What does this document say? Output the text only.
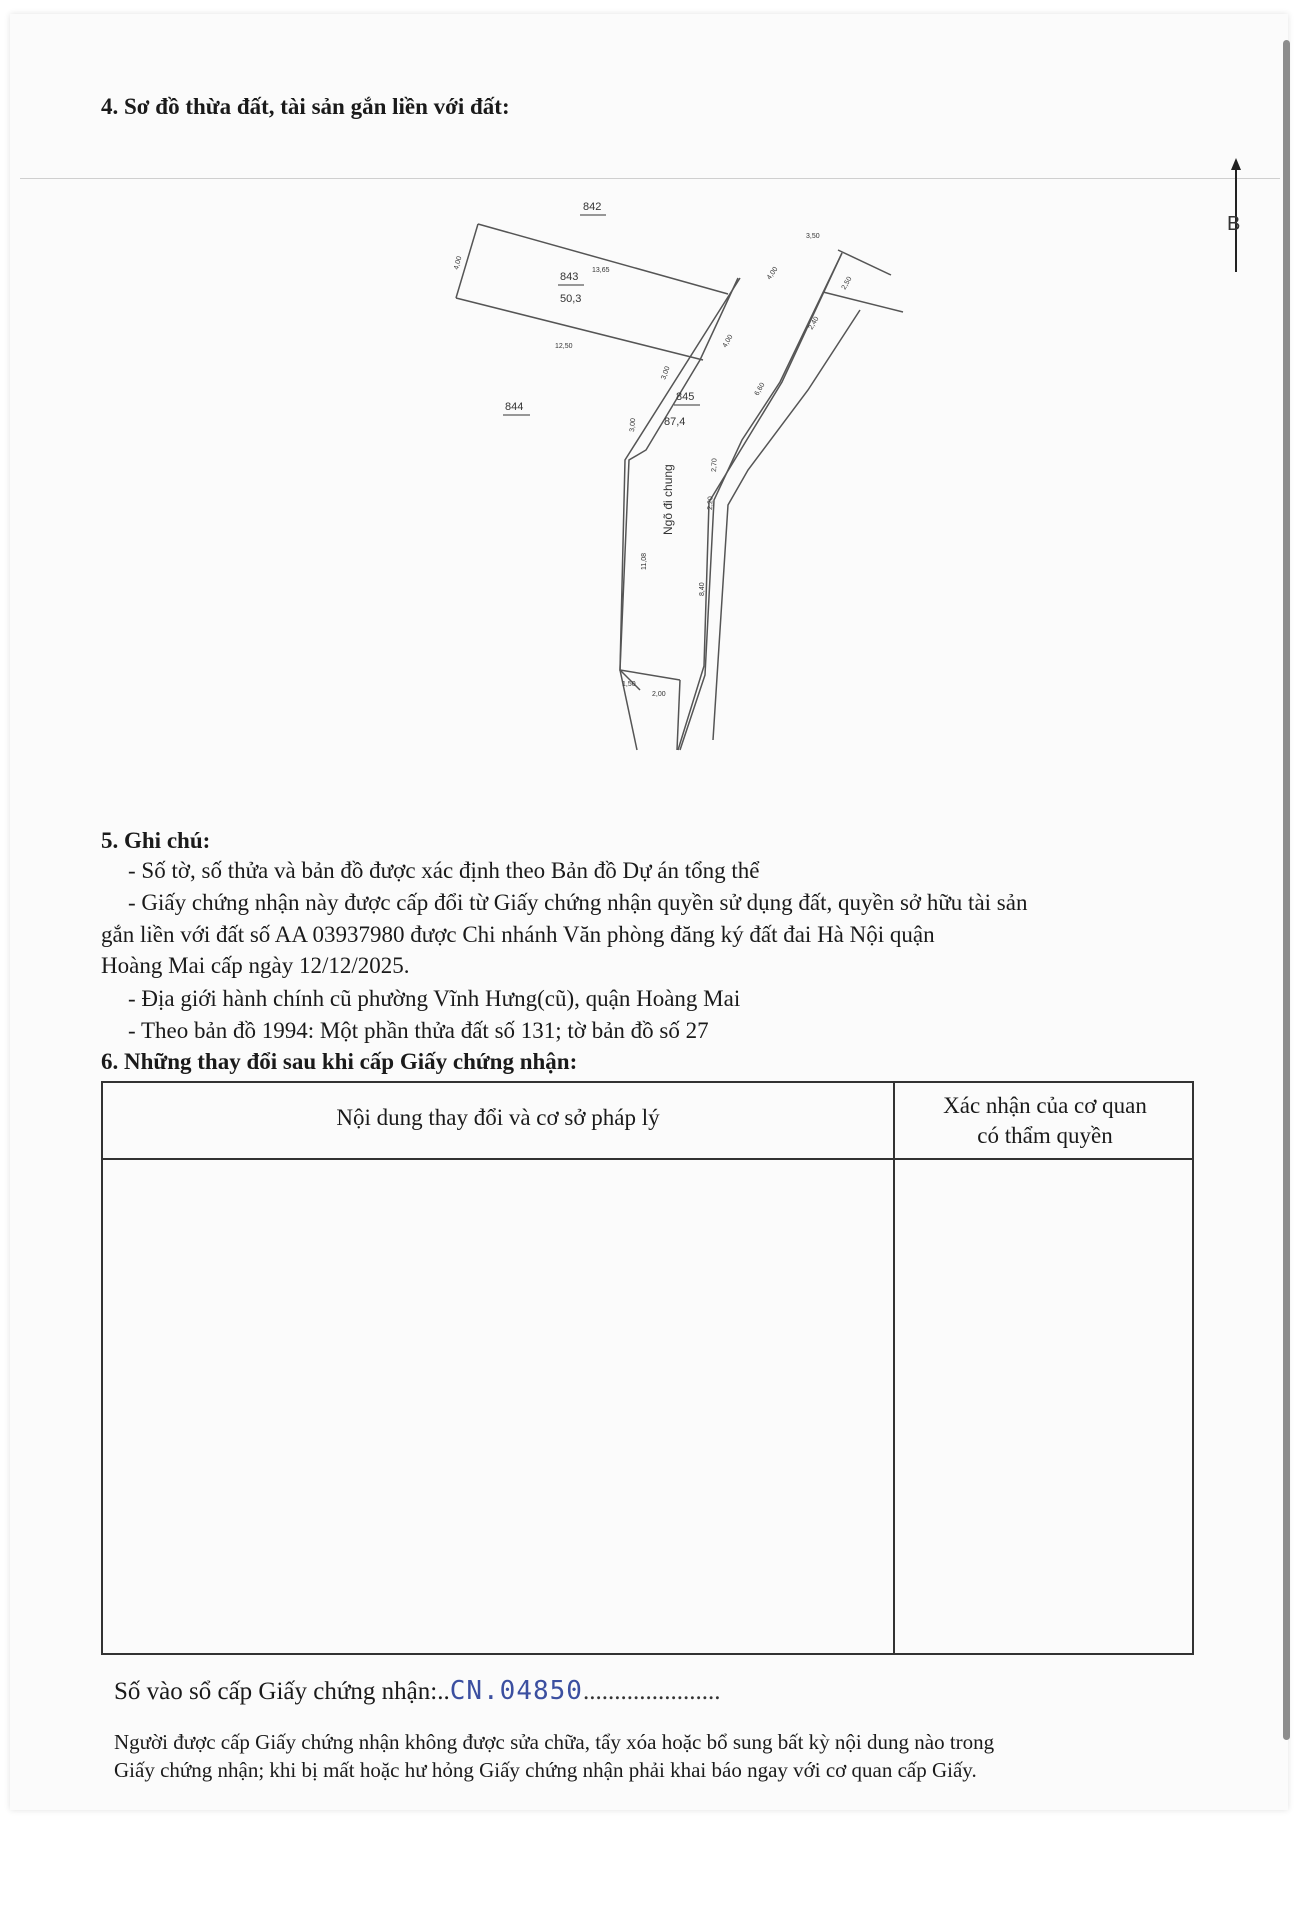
4. Sơ đồ thừa đất, tài sản gắn liền với đất:
842
843
50,3
844
845
87,4
Ngõ đi chung
4,00	13,65
12,50
3,50
4,00
2,50
2,40
4,00
3,00
3,00
6,60
2,70
2,20
11,08
8,40
1,50
2,00
B
5. Ghi chú:
- Số tờ, số thửa và bản đồ được xác định theo Bản đồ Dự án tổng thể
- Giấy chứng nhận này được cấp đổi từ Giấy chứng nhận quyền sử dụng đất, quyền sở hữu tài sản
gắn liền với đất số AA 03937980 được Chi nhánh Văn phòng đăng ký đất đai Hà Nội quận
Hoàng Mai cấp ngày 12/12/2025.
- Địa giới hành chính cũ phường Vĩnh Hưng(cũ), quận Hoàng Mai
- Theo bản đồ 1994: Một phần thửa đất số 131; tờ bản đồ số 27
6. Những thay đổi sau khi cấp Giấy chứng nhận:
Nội dung thay đổi và cơ sở pháp lý	Xác nhận của cơ quan
có thẩm quyền
Số vào sổ cấp Giấy chứng nhận:..CN.04850......................
Người được cấp Giấy chứng nhận không được sửa chữa, tẩy xóa hoặc bổ sung bất kỳ nội dung nào trong
Giấy chứng nhận; khi bị mất hoặc hư hỏng Giấy chứng nhận phải khai báo ngay với cơ quan cấp Giấy.
